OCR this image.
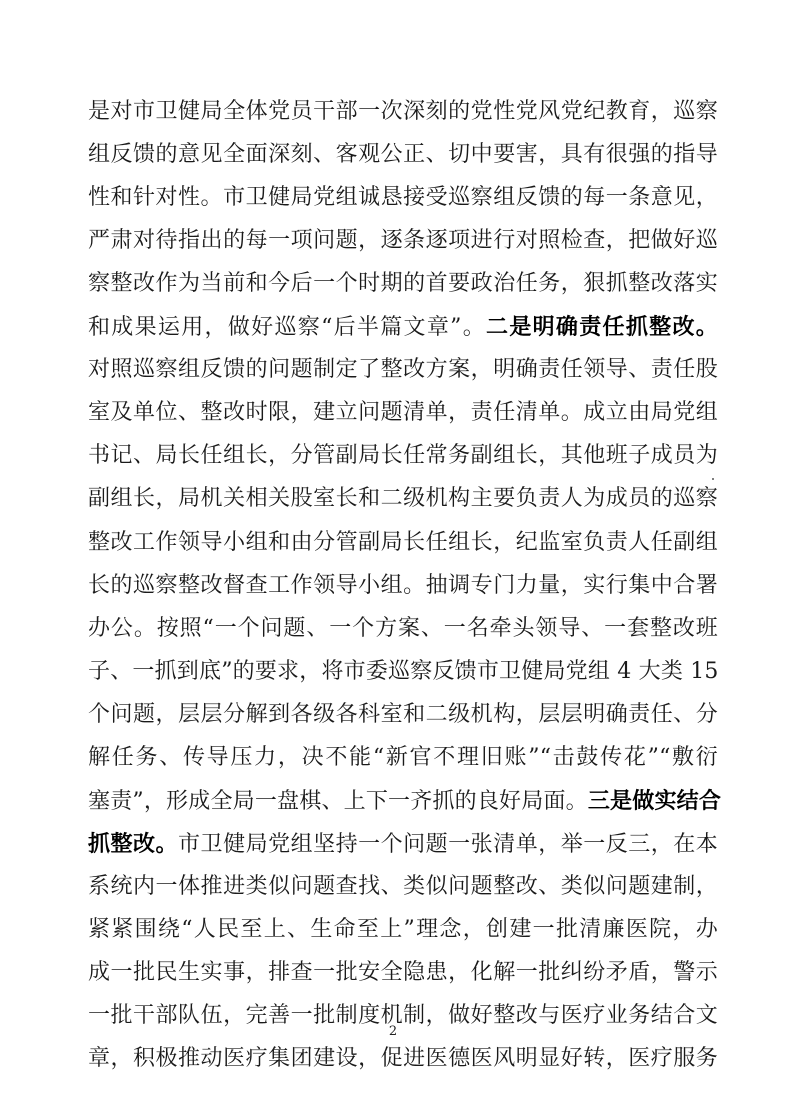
是对市卫健局全体党员干部一次深刻的党性党风党纪教育，巡察
组反馈的意见全面深刻、客观公正、切中要害，具有很强的指导
性和针对性。市卫健局党组诚恳接受巡察组反馈的每一条意见，
严肃对待指出的每一项问题，逐条逐项进行对照检查，把做好巡
察整改作为当前和今后一个时期的首要政治任务，狠抓整改落实
和成果运用，做好巡察“后半篇文章”。二是明确责任抓整改。
对照巡察组反馈的问题制定了整改方案，明确责任领导、责任股
室及单位、整改时限，建立问题清单，责任清单。成立由局党组
书记、局长任组长，分管副局长任常务副组长，其他班子成员为
副组长，局机关相关股室长和二级机构主要负责人为成员的巡察
整改工作领导小组和由分管副局长任组长，纪监室负责人任副组
长的巡察整改督查工作领导小组。抽调专门力量，实行集中合署
办公。按照“一个问题、一个方案、一名牵头领导、一套整改班
子、一抓到底”的要求，将市委巡察反馈市卫健局党组 4 大类 15
个问题，层层分解到各级各科室和二级机构，层层明确责任、分
解任务、传导压力，决不能“新官不理旧账”“击鼓传花”“敷衍
塞责”，形成全局一盘棋、上下一齐抓的良好局面。三是做实结合
抓整改。市卫健局党组坚持一个问题一张清单，举一反三，在本
系统内一体推进类似问题查找、类似问题整改、类似问题建制，
紧紧围绕“人民至上、生命至上”理念，创建一批清廉医院，办
成一批民生实事，排查一批安全隐患，化解一批纠纷矛盾，警示
一批干部队伍，完善一批制度机制，做好整改与医疗业务结合文
章，积极推动医疗集团建设，促进医德医风明显好转，医疗服务
2
